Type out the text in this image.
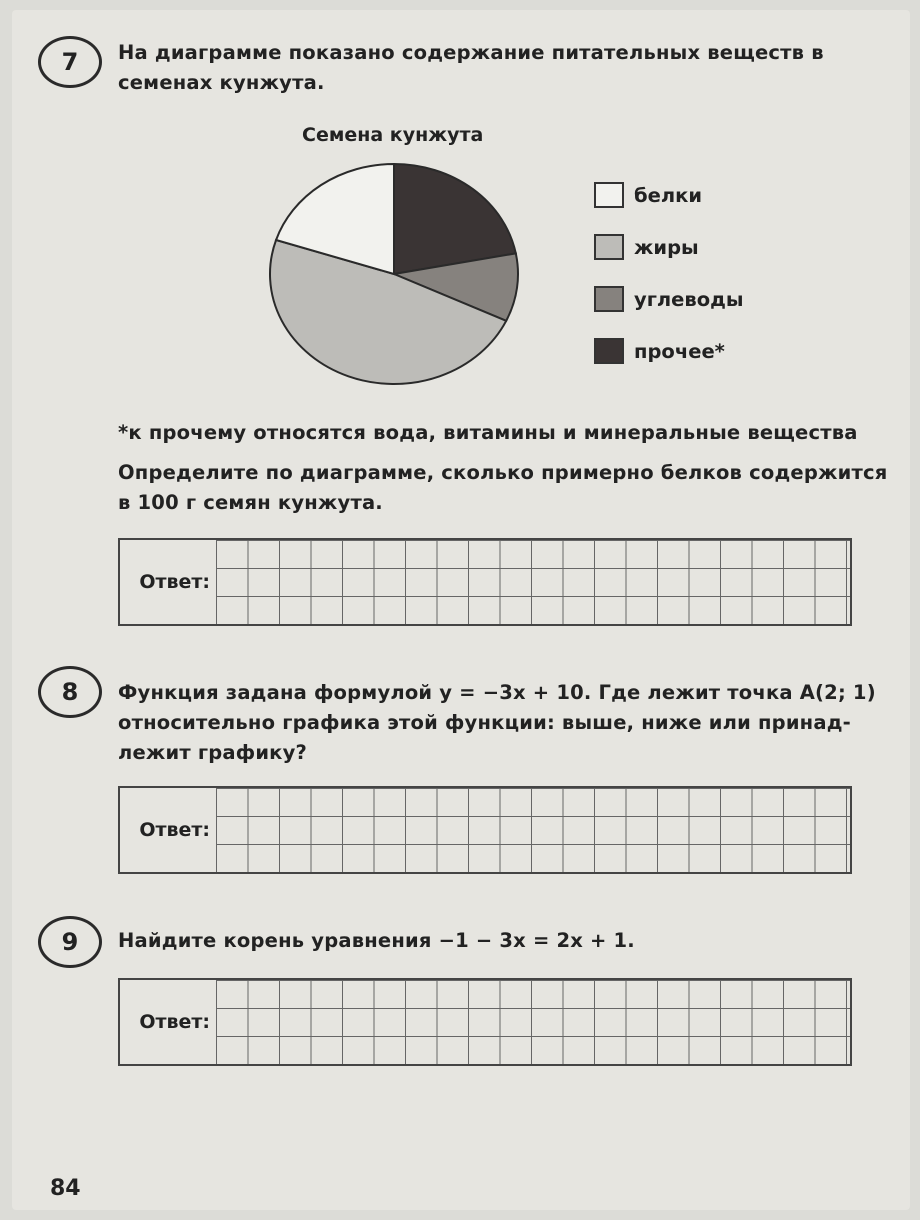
7 На диаграмме показано содержание питательных веществ в
семенах кунжута.
Семена кунжута
белки
жиры
углеводы
прочее*
*к прочему относятся вода, витамины и минеральные вещества
Определите по диаграмме, сколько примерно белков содержится
в 100 г семян кунжута.
Ответ:
8 Функция задана формулой y = −3x + 10. Где лежит точка A(2; 1)
относительно графика этой функции: выше, ниже или принад-
лежит графику?
Ответ:
9 Найдите корень уравнения −1 − 3x = 2x + 1.
Ответ:
84
